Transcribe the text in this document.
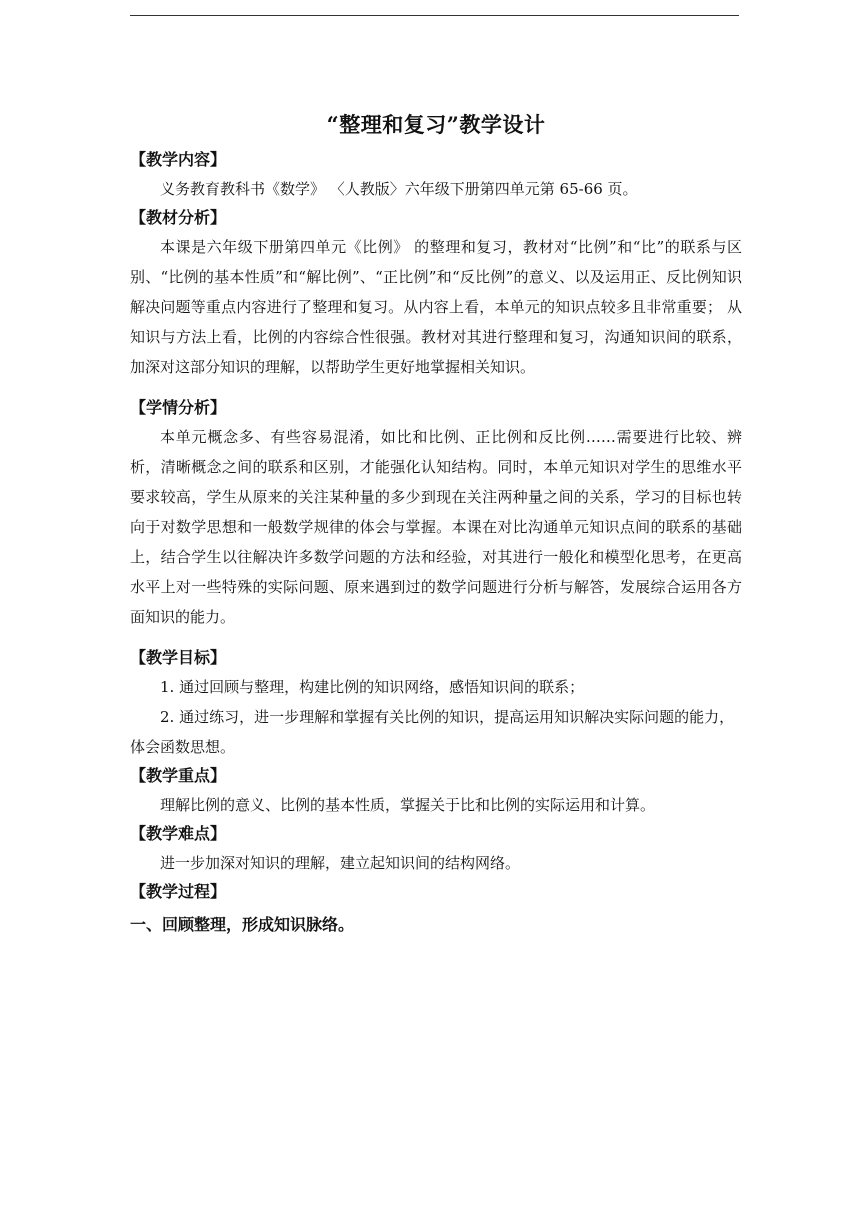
“整理和复习”教学设计

【教学内容】

义务教育教科书《数学》 〈人教版〉六年级下册第四单元第 65-66 页。

【教材分析】

本课是六年级下册第四单元《比例》 的整理和复习，教材对“比例”和“比”的联系与区别、“比例的基本性质”和“解比例”、“正比例”和“反比例”的意义、以及运用正、反比例知识解决问题等重点内容进行了整理和复习。从内容上看，本单元的知识点较多且非常重要； 从知识与方法上看，比例的内容综合性很强。教材对其进行整理和复习，沟通知识间的联系，加深对这部分知识的理解，以帮助学生更好地掌握相关知识。

【学情分析】

本单元概念多、有些容易混淆，如比和比例、正比例和反比例……需要进行比较、辨析，清晰概念之间的联系和区别，才能强化认知结构。同时，本单元知识对学生的思维水平要求较高，学生从原来的关注某种量的多少到现在关注两种量之间的关系，学习的目标也转向于对数学思想和一般数学规律的体会与掌握。本课在对比沟通单元知识点间的联系的基础上，结合学生以往解决许多数学问题的方法和经验，对其进行一般化和模型化思考，在更高水平上对一些特殊的实际问题、原来遇到过的数学问题进行分析与解答，发展综合运用各方面知识的能力。

【教学目标】

1. 通过回顾与整理，构建比例的知识网络，感悟知识间的联系；

2. 通过练习，进一步理解和掌握有关比例的知识，提高运用知识解决实际问题的能力，体会函数思想。

【教学重点】

理解比例的意义、比例的基本性质，掌握关于比和比例的实际运用和计算。

【教学难点】

进一步加深对知识的理解，建立起知识间的结构网络。

【教学过程】

一、回顾整理，形成知识脉络。
